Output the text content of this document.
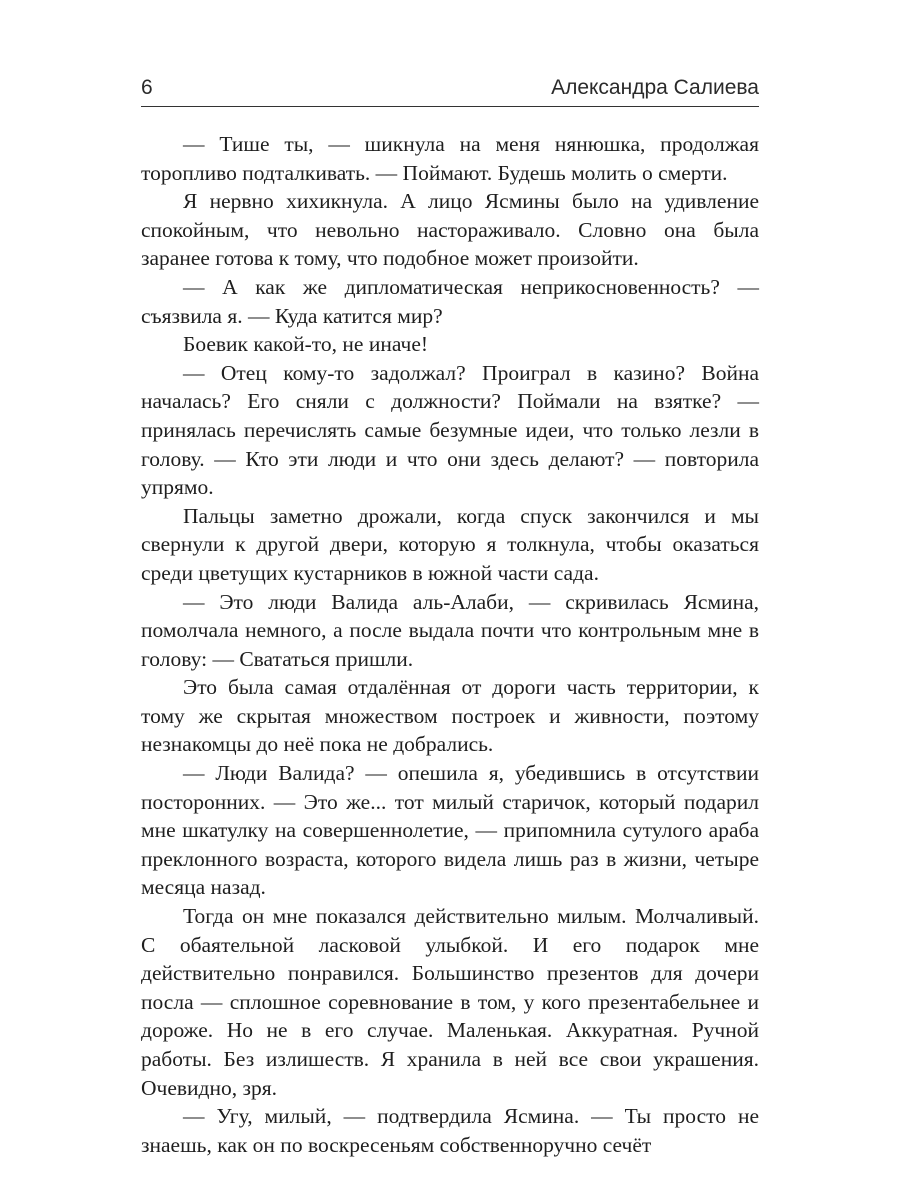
6	Александра Салиева

— Тише ты, — шикнула на меня нянюшка, продолжая торопливо подталкивать. — Поймают. Будешь молить о смерти.

Я нервно хихикнула. А лицо Ясмины было на удивление спокойным, что невольно настораживало. Словно она была заранее готова к тому, что подобное может произойти.

— А как же дипломатическая неприкосновенность? — съязвила я. — Куда катится мир?

Боевик какой-то, не иначе!

— Отец кому-то задолжал? Проиграл в казино? Война началась? Его сняли с должности? Поймали на взятке? — принялась перечислять самые безумные идеи, что только лезли в голову. — Кто эти люди и что они здесь делают? — повторила упрямо.

Пальцы заметно дрожали, когда спуск закончился и мы свернули к другой двери, которую я толкнула, чтобы оказаться среди цветущих кустарников в южной части сада.

— Это люди Валида аль-Алаби, — скривилась Ясмина, помолчала немного, а после выдала почти что контрольным мне в голову: — Свататься пришли.

Это была самая отдалённая от дороги часть территории, к тому же скрытая множеством построек и живности, поэтому незнакомцы до неё пока не добрались.

— Люди Валида? — опешила я, убедившись в отсутствии посторонних. — Это же... тот милый старичок, который подарил мне шкатулку на совершеннолетие, — припомнила сутулого араба преклонного возраста, которого видела лишь раз в жизни, четыре месяца назад.

Тогда он мне показался действительно милым. Молчаливый. С обаятельной ласковой улыбкой. И его подарок мне действительно понравился. Большинство презентов для дочери посла — сплошное соревнование в том, у кого презентабельнее и дороже. Но не в его случае. Маленькая. Аккуратная. Ручной работы. Без излишеств. Я хранила в ней все свои украшения. Очевидно, зря.

— Угу, милый, — подтвердила Ясмина. — Ты просто не знаешь, как он по воскресеньям собственноручно сечёт
